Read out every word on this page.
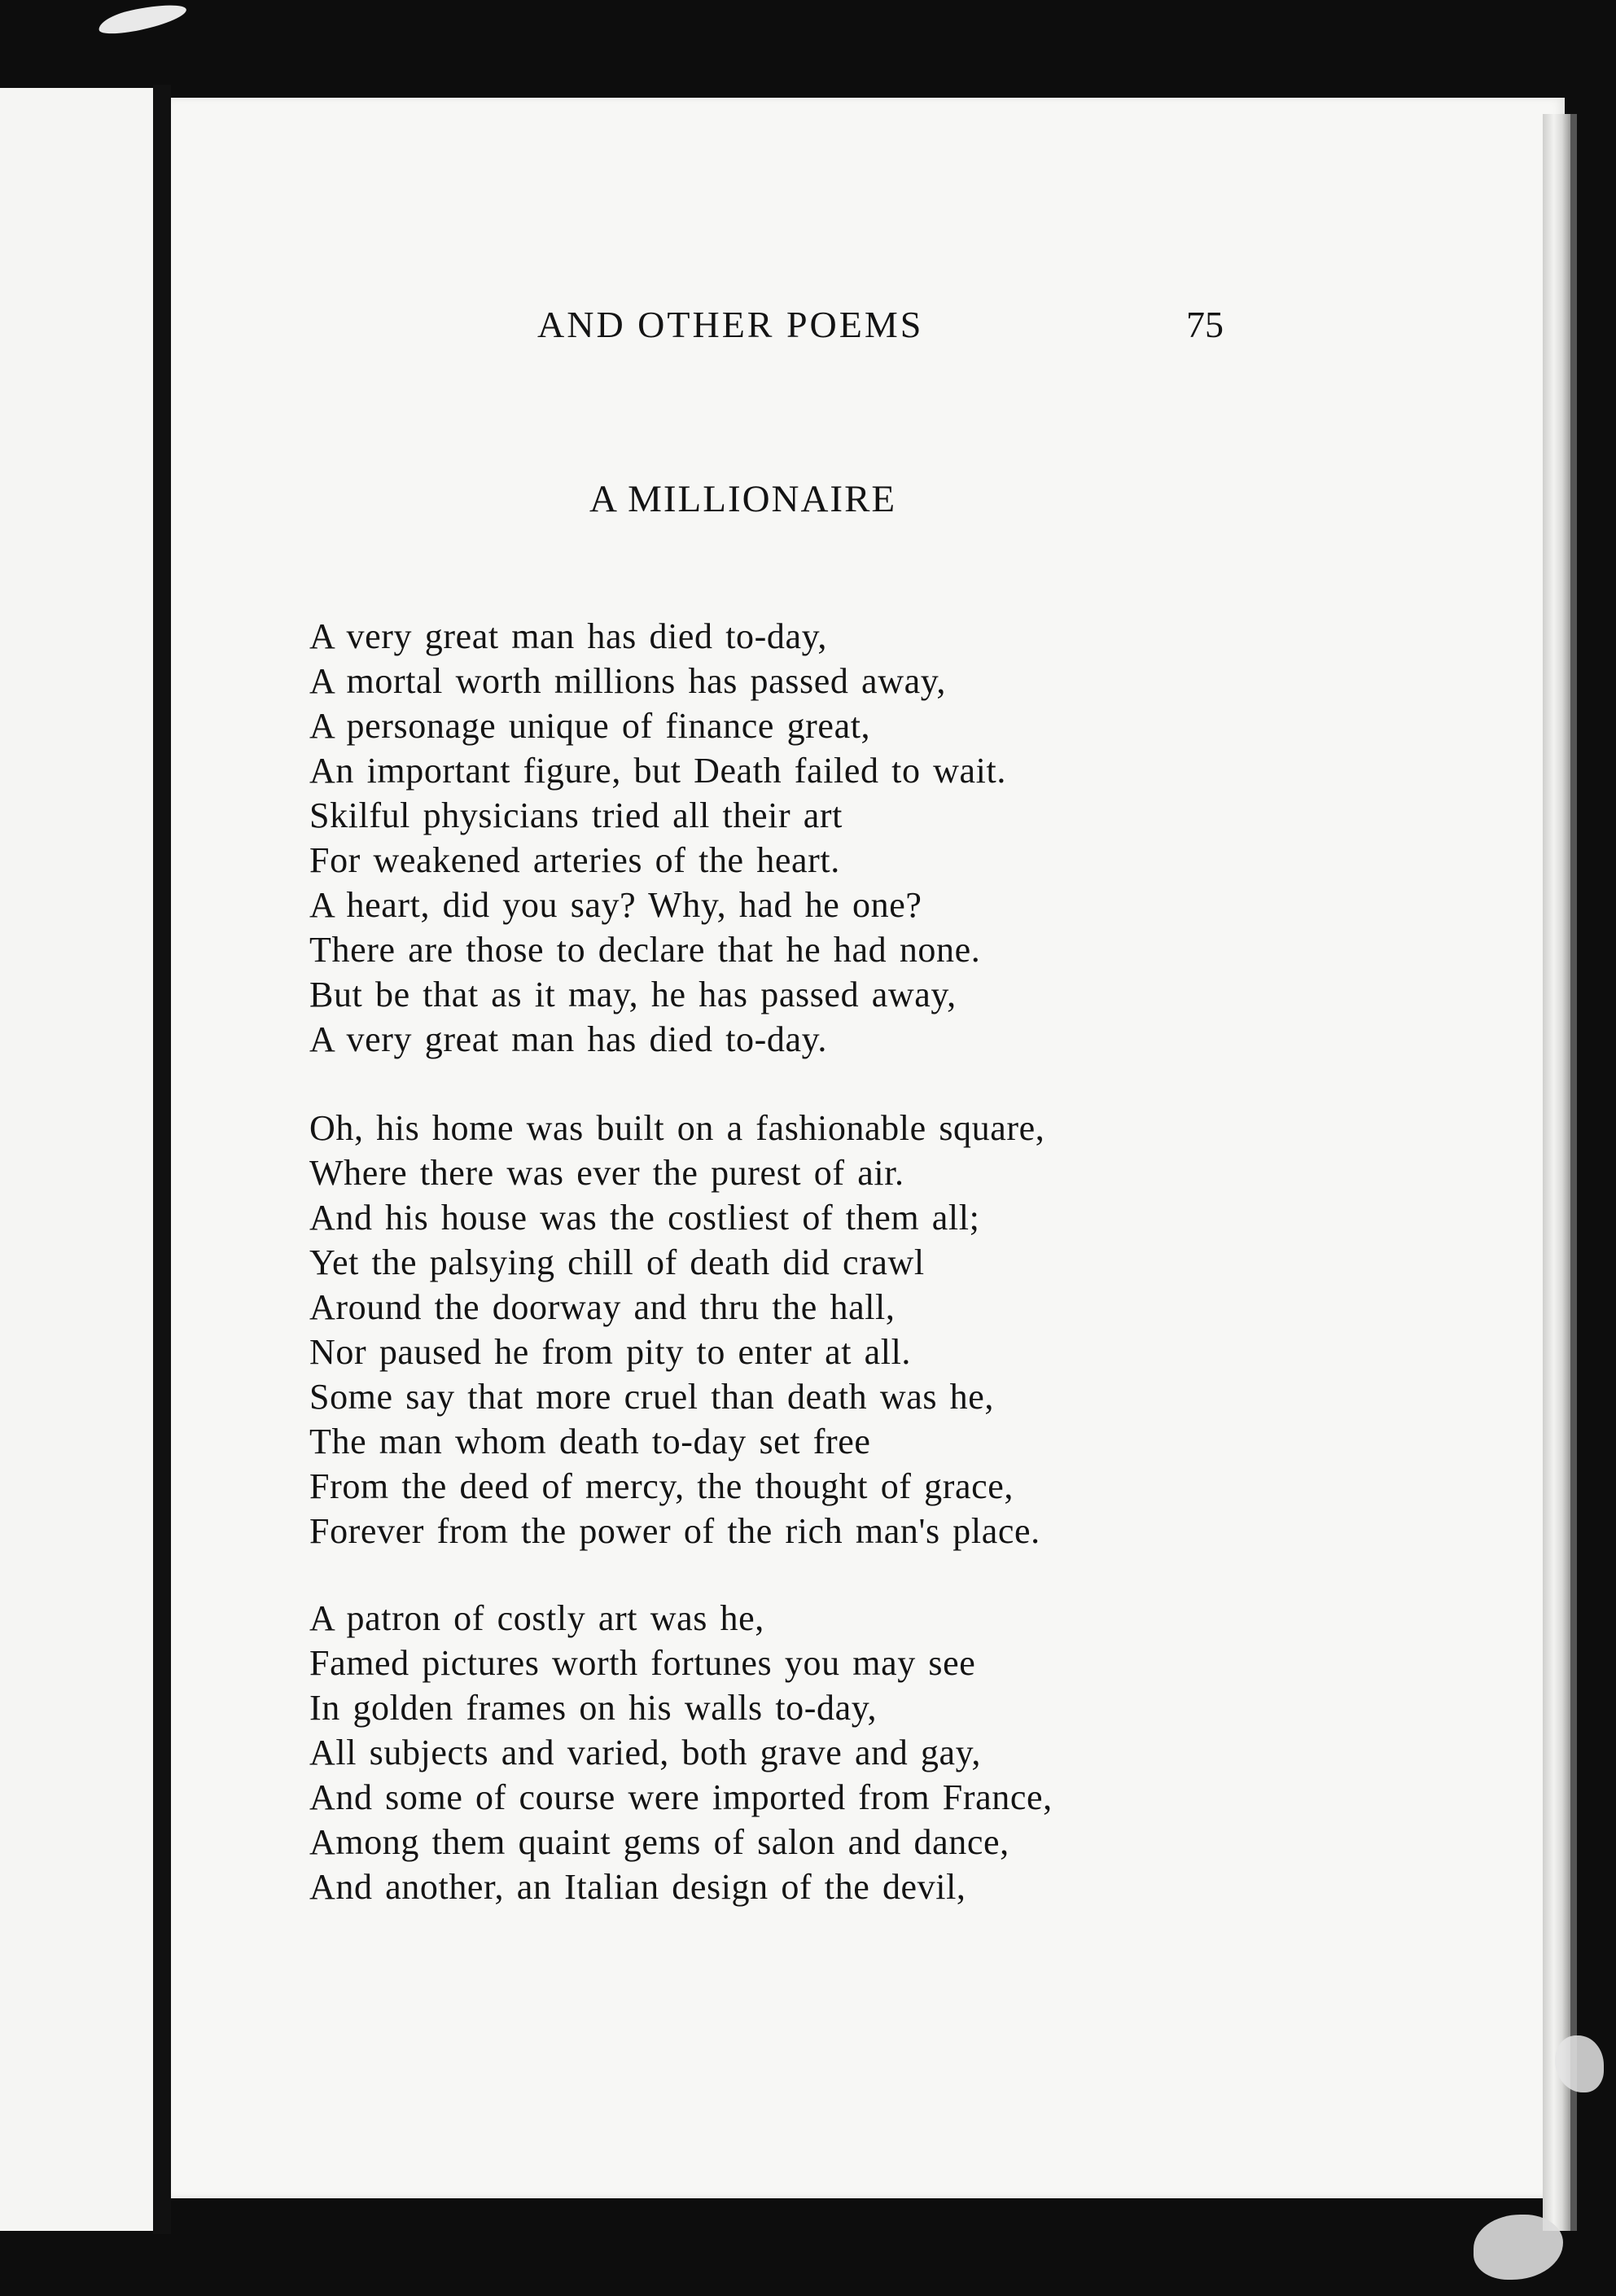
AND OTHER POEMS	75
A MILLIONAIRE
A very great man has died to-day,
A mortal worth millions has passed away,
A personage unique of finance great,
An important figure, but Death failed to wait.
Skilful physicians tried all their art
For weakened arteries of the heart.
A heart, did you say? Why, had he one?
There are those to declare that he had none.
But be that as it may, he has passed away,
A very great man has died to-day.
Oh, his home was built on a fashionable square,
Where there was ever the purest of air.
And his house was the costliest of them all;
Yet the palsying chill of death did crawl
Around the doorway and thru the hall,
Nor paused he from pity to enter at all.
Some say that more cruel than death was he,
The man whom death to-day set free
From the deed of mercy, the thought of grace,
Forever from the power of the rich man's place.
A patron of costly art was he,
Famed pictures worth fortunes you may see
In golden frames on his walls to-day,
All subjects and varied, both grave and gay,
And some of course were imported from France,
Among them quaint gems of salon and dance,
And another, an Italian design of the devil,
